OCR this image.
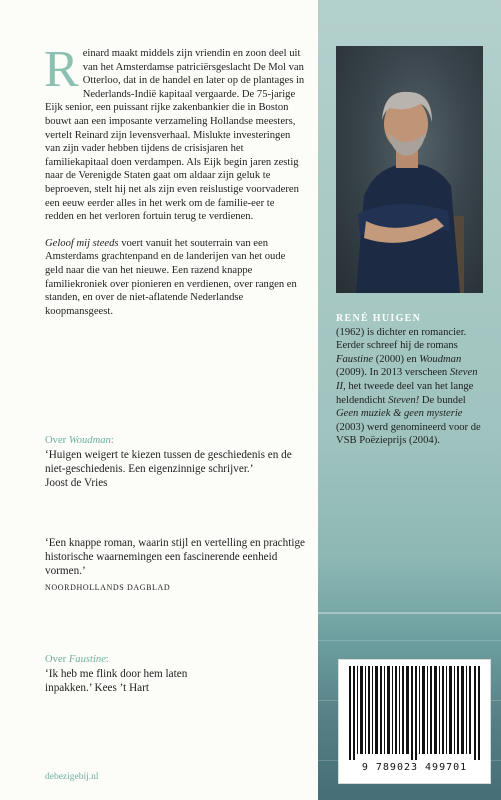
Reinard maakt middels zijn vriendin en zoon deel uit van het Amsterdamse patriciërsgeslacht De Mol van Otterloo, dat in de handel en later op de plantages in Nederlands-Indië kapitaal vergaarde. De 75-jarige Eijk senior, een puissant rijke zakenbankier die in Boston bouwt aan een imposante verzameling Hollandse meesters, vertelt Reinard zijn levensverhaal. Mislukte investeringen van zijn vader hebben tijdens de crisisjaren het familiekapitaal doen verdampen. Als Eijk begin jaren zestig naar de Verenigde Staten gaat om aldaar zijn geluk te beproeven, stelt hij net als zijn even reislustige voorvaderen een eeuw eerder alles in het werk om de familie-eer te redden en het verloren fortuin terug te verdienen.

Geloof mij steeds voert vanuit het souterrain van een Amsterdams grachtenpand en de landerijen van het oude geld naar die van het nieuwe. Een razend knappe familiekroniek over pionieren en verdienen, over rangen en standen, en over de niet-aflatende Nederlandse koopmansgeest.

Over Woudman:
‘Huigen weigert te kiezen tussen de geschiedenis en de niet-geschiedenis. Een eigenzinnige schrijver.’
Joost de Vries
‘Een knappe roman, waarin stijl en vertelling en prachtige historische waarnemingen een fascinerende eenheid vormen.’
NOORDHOLLANDS DAGBLAD
Over Faustine:
‘Ik heb me flink door hem laten inpakken.’ Kees ’t Hart
debezigebij.nl
RENÉ HUIGEN
(1962) is dichter en romancier. Eerder schreef hij de romans Faustine (2000) en Woudman (2009). In 2013 verscheen Steven II, het tweede deel van het lange heldendicht Steven! De bundel Geen muziek & geen mysterie (2003) werd genomineerd voor de VSB Poëzieprijs (2004).
9 789023 499701
